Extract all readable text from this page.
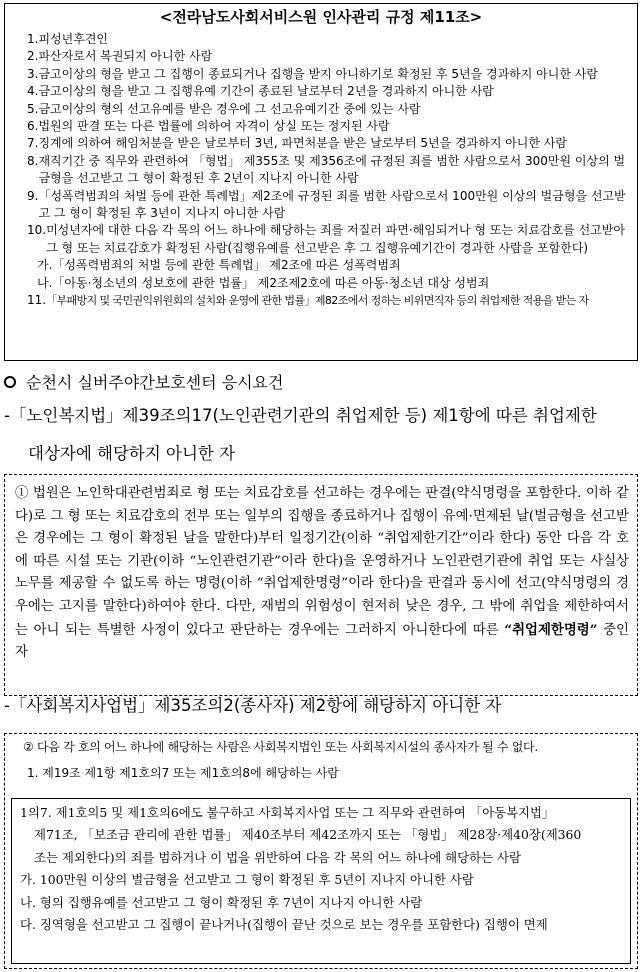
<전라남도사회서비스원 인사관리 규정 제11조>
1. 피성년후견인
2. 파산자로서 복권되지 아니한 사람
3. 금고이상의 형을 받고 그 집행이 종료되거나 집행을 받지 아니하기로 확정된 후 5년을 경과하지 아니한 사람
4. 금고이상의 형을 받고 그 집행유예 기간이 종료된 날로부터 2년을 경과하지 아니한 사람
5. 금고이상의 형의 선고유예를 받은 경우에 그 선고유예기간 중에 있는 사람
6. 법원의 판결 또는 다른 법률에 의하여 자격이 상실 또는 정지된 사람
7. 징계에 의하여 해임처분을 받은 날로부터 3년, 파면처분을 받은 날로부터 5년을 경과하지 아니한 사람
8. 재직기간 중 직무와 관련하여 「형법」 제355조 및 제356조에 규정된 죄를 범한 사람으로서 300만원 이상의 벌금형을 선고받고 그 형이 확정된 후 2년이 지나지 아니한 사람
9. 「성폭력범죄의 처벌 등에 관한 특례법」제2조에 규정된 죄를 범한 사람으로서 100만원 이상의 벌금형을 선고받고 그 형이 확정된 후 3년이 지나지 아니한 사람
10. 미성년자에 대한 다음 각 목의 어느 하나에 해당하는 죄를 저질러 파면·해임되거나 형 또는 치료감호를 선고받아 그 형 또는 치료감호가 확정된 사람(집행유예를 선고받은 후 그 집행유예기간이 경과한 사람을 포함한다)
가. 「성폭력범죄의 처벌 등에 관한 특례법」 제2조에 따른 성폭력범죄
나. 「아동·청소년의 성보호에 관한 법률」 제2조제2호에 따른 아동·청소년 대상 성범죄
11. 「부패방지 및 국민권익위원회의 설치와 운영에 관한 법률」제82조에서 정하는 비위면직자 등의 취업제한 적용을 받는 자
순천시 실버주야간보호센터 응시요건
-「노인복지법」제39조의17(노인관련기관의 취업제한 등) 제1항에 따른 취업제한
대상자에 해당하지 아니한 자
① 법원은 노인학대관련범죄로 형 또는 치료감호를 선고하는 경우에는 판결(약식명령을 포함한다. 이하 같다)로 그 형 또는 치료감호의 전부 또는 일부의 집행을 종료하거나 집행이 유예·면제된 날(벌금형을 선고받은 경우에는 그 형이 확정된 날을 말한다)부터 일정기간(이하 “취업제한기간”이라 한다) 동안 다음 각 호에 따른 시설 또는 기관(이하 “노인관련기관”이라 한다)을 운영하거나 노인관련기관에 취업 또는 사실상 노무를 제공할 수 없도록 하는 명령(이하 “취업제한명령”이라 한다)을 판결과 동시에 선고(약식명령의 경우에는 고지를 말한다)하여야 한다. 다만, 재범의 위험성이 현저히 낮은 경우, 그 밖에 취업을 제한하여서는 아니 되는 특별한 사정이 있다고 판단하는 경우에는 그러하지 아니한다에 따른 “취업제한명령” 중인 자
-「사회복지사업법」제35조의2(종사자) 제2항에 해당하지 아니한 자
② 다음 각 호의 어느 하나에 해당하는 사람은 사회복지법인 또는 사회복지시설의 종사자가 될 수 없다.
1. 제19조 제1항 제1호의7 또는 제1호의8에 해당하는 사람
1의7. 제1호의5 및 제1호의6에도 불구하고 사회복지사업 또는 그 직무와 관련하여 「아동복지법」
제71조, 「보조금 관리에 관한 법률」 제40조부터 제42조까지 또는 「형법」 제28장·제40장(제360
조는 제외한다)의 죄를 범하거나 이 법을 위반하여 다음 각 목의 어느 하나에 해당하는 사람
가. 100만원 이상의 벌금형을 선고받고 그 형이 확정된 후 5년이 지나지 아니한 사람
나. 형의 집행유예를 선고받고 그 형이 확정된 후 7년이 지나지 아니한 사람
다. 징역형을 선고받고 그 집행이 끝나거나(집행이 끝난 것으로 보는 경우를 포함한다) 집행이 면제
